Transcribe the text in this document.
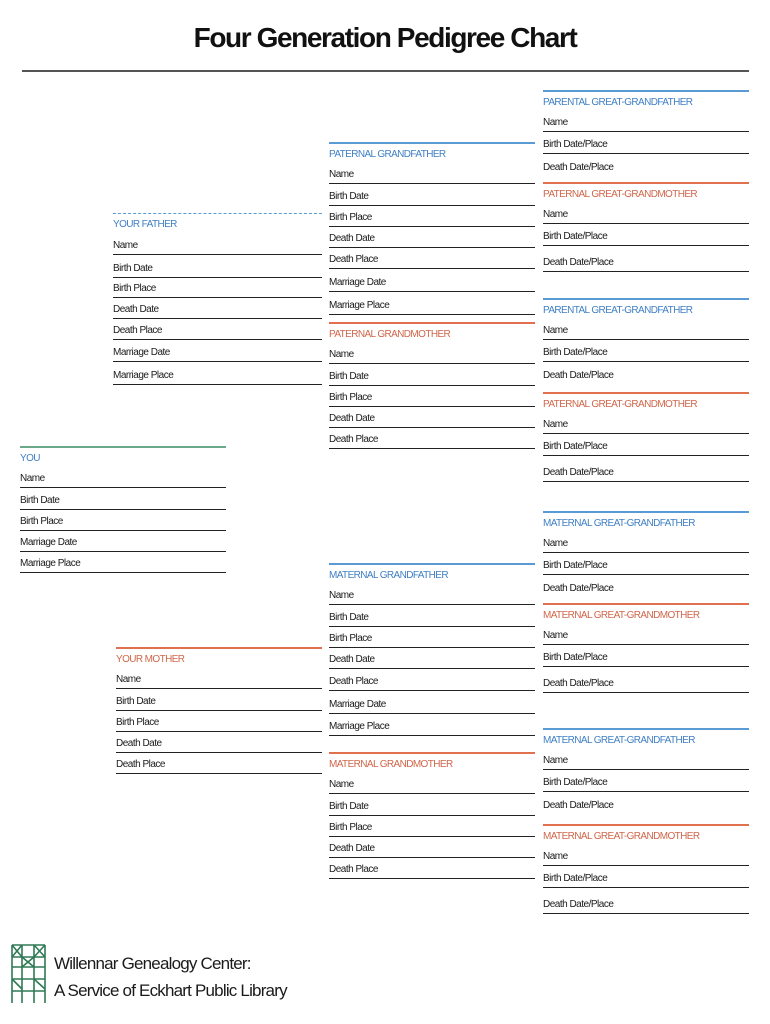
Four Generation Pedigree Chart
YOU
Name
Birth Date
Birth Place
Marriage Date
Marriage Place
YOUR FATHER
Name
Birth Date
Birth Place
Death Date
Death Place
Marriage Date
Marriage Place
YOUR MOTHER
Name
Birth Date
Birth Place
Death Date
Death Place
PATERNAL GRANDFATHER
Name
Birth Date
Birth Place
Death Date
Death Place
Marriage Date
Marriage Place
PATERNAL GRANDMOTHER
Name
Birth Date
Birth Place
Death Date
Death Place
MATERNAL GRANDFATHER
Name
Birth Date
Birth Place
Death Date
Death Place
Marriage Date
Marriage Place
MATERNAL GRANDMOTHER
Name
Birth Date
Birth Place
Death Date
Death Place
PARENTAL GREAT-GRANDFATHER
Name
Birth Date/Place
Death Date/Place
PATERNAL GREAT-GRANDMOTHER
Name
Birth Date/Place
Death Date/Place
PARENTAL GREAT-GRANDFATHER
Name
Birth Date/Place
Death Date/Place
PATERNAL GREAT-GRANDMOTHER
Name
Birth Date/Place
Death Date/Place
MATERNAL GREAT-GRANDFATHER
Name
Birth Date/Place
Death Date/Place
MATERNAL GREAT-GRANDMOTHER
Name
Birth Date/Place
Death Date/Place
MATERNAL GREAT-GRANDFATHER
Name
Birth Date/Place
Death Date/Place
MATERNAL GREAT-GRANDMOTHER
Name
Birth Date/Place
Death Date/Place
Willennar Genealogy Center:
A Service of Eckhart Public Library
